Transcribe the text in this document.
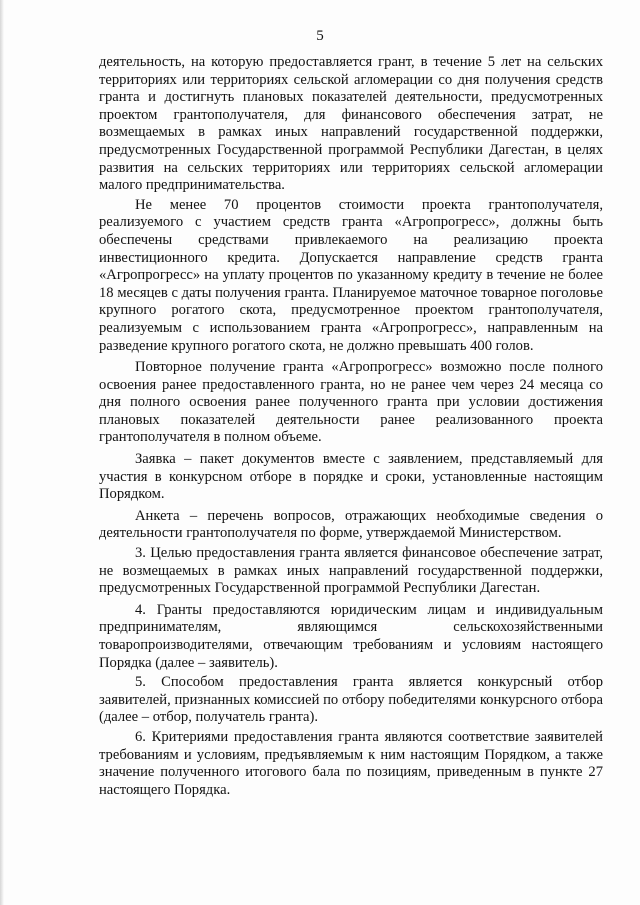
5

деятельность, на которую предоставляется грант, в течение 5 лет на сельских территориях или территориях сельской агломерации со дня получения средств гранта и достигнуть плановых показателей деятельности, предусмотренных проектом грантополучателя, для финансового обеспечения затрат, не возмещаемых в рамках иных направлений государственной поддержки, предусмотренных Государственной программой Республики Дагестан, в целях развития на сельских территориях или территориях сельской агломерации малого предпринимательства.

Не менее 70 процентов стоимости проекта грантополучателя, реализуемого с участием средств гранта «Агропрогресс», должны быть обеспечены средствами привлекаемого на реализацию проекта инвестиционного кредита. Допускается направление средств гранта «Агропрогресс» на уплату процентов по указанному кредиту в течение не более 18 месяцев с даты получения гранта. Планируемое маточное товарное поголовье крупного рогатого скота, предусмотренное проектом грантополучателя, реализуемым с использованием гранта «Агропрогресс», направленным на разведение крупного рогатого скота, не должно превышать 400 голов.

Повторное получение гранта «Агропрогресс» возможно после полного освоения ранее предоставленного гранта, но не ранее чем через 24 месяца со дня полного освоения ранее полученного гранта при условии достижения плановых показателей деятельности ранее реализованного проекта грантополучателя в полном объеме.

Заявка – пакет документов вместе с заявлением, представляемый для участия в конкурсном отборе в порядке и сроки, установленные настоящим Порядком.

Анкета – перечень вопросов, отражающих необходимые сведения о деятельности грантополучателя по форме, утверждаемой Министерством.

3. Целью предоставления гранта является финансовое обеспечение затрат, не возмещаемых в рамках иных направлений государственной поддержки, предусмотренных Государственной программой Республики Дагестан.

4. Гранты предоставляются юридическим лицам и индивидуальным предпринимателям, являющимся сельскохозяйственными товаропроизводителями, отвечающим требованиям и условиям настоящего Порядка (далее – заявитель).

5. Способом предоставления гранта является конкурсный отбор заявителей, признанных комиссией по отбору победителями конкурсного отбора (далее – отбор, получатель гранта).

6. Критериями предоставления гранта являются соответствие заявителей требованиям и условиям, предъявляемым к ним настоящим Порядком, а также значение полученного итогового бала по позициям, приведенным в пункте 27 настоящего Порядка.
